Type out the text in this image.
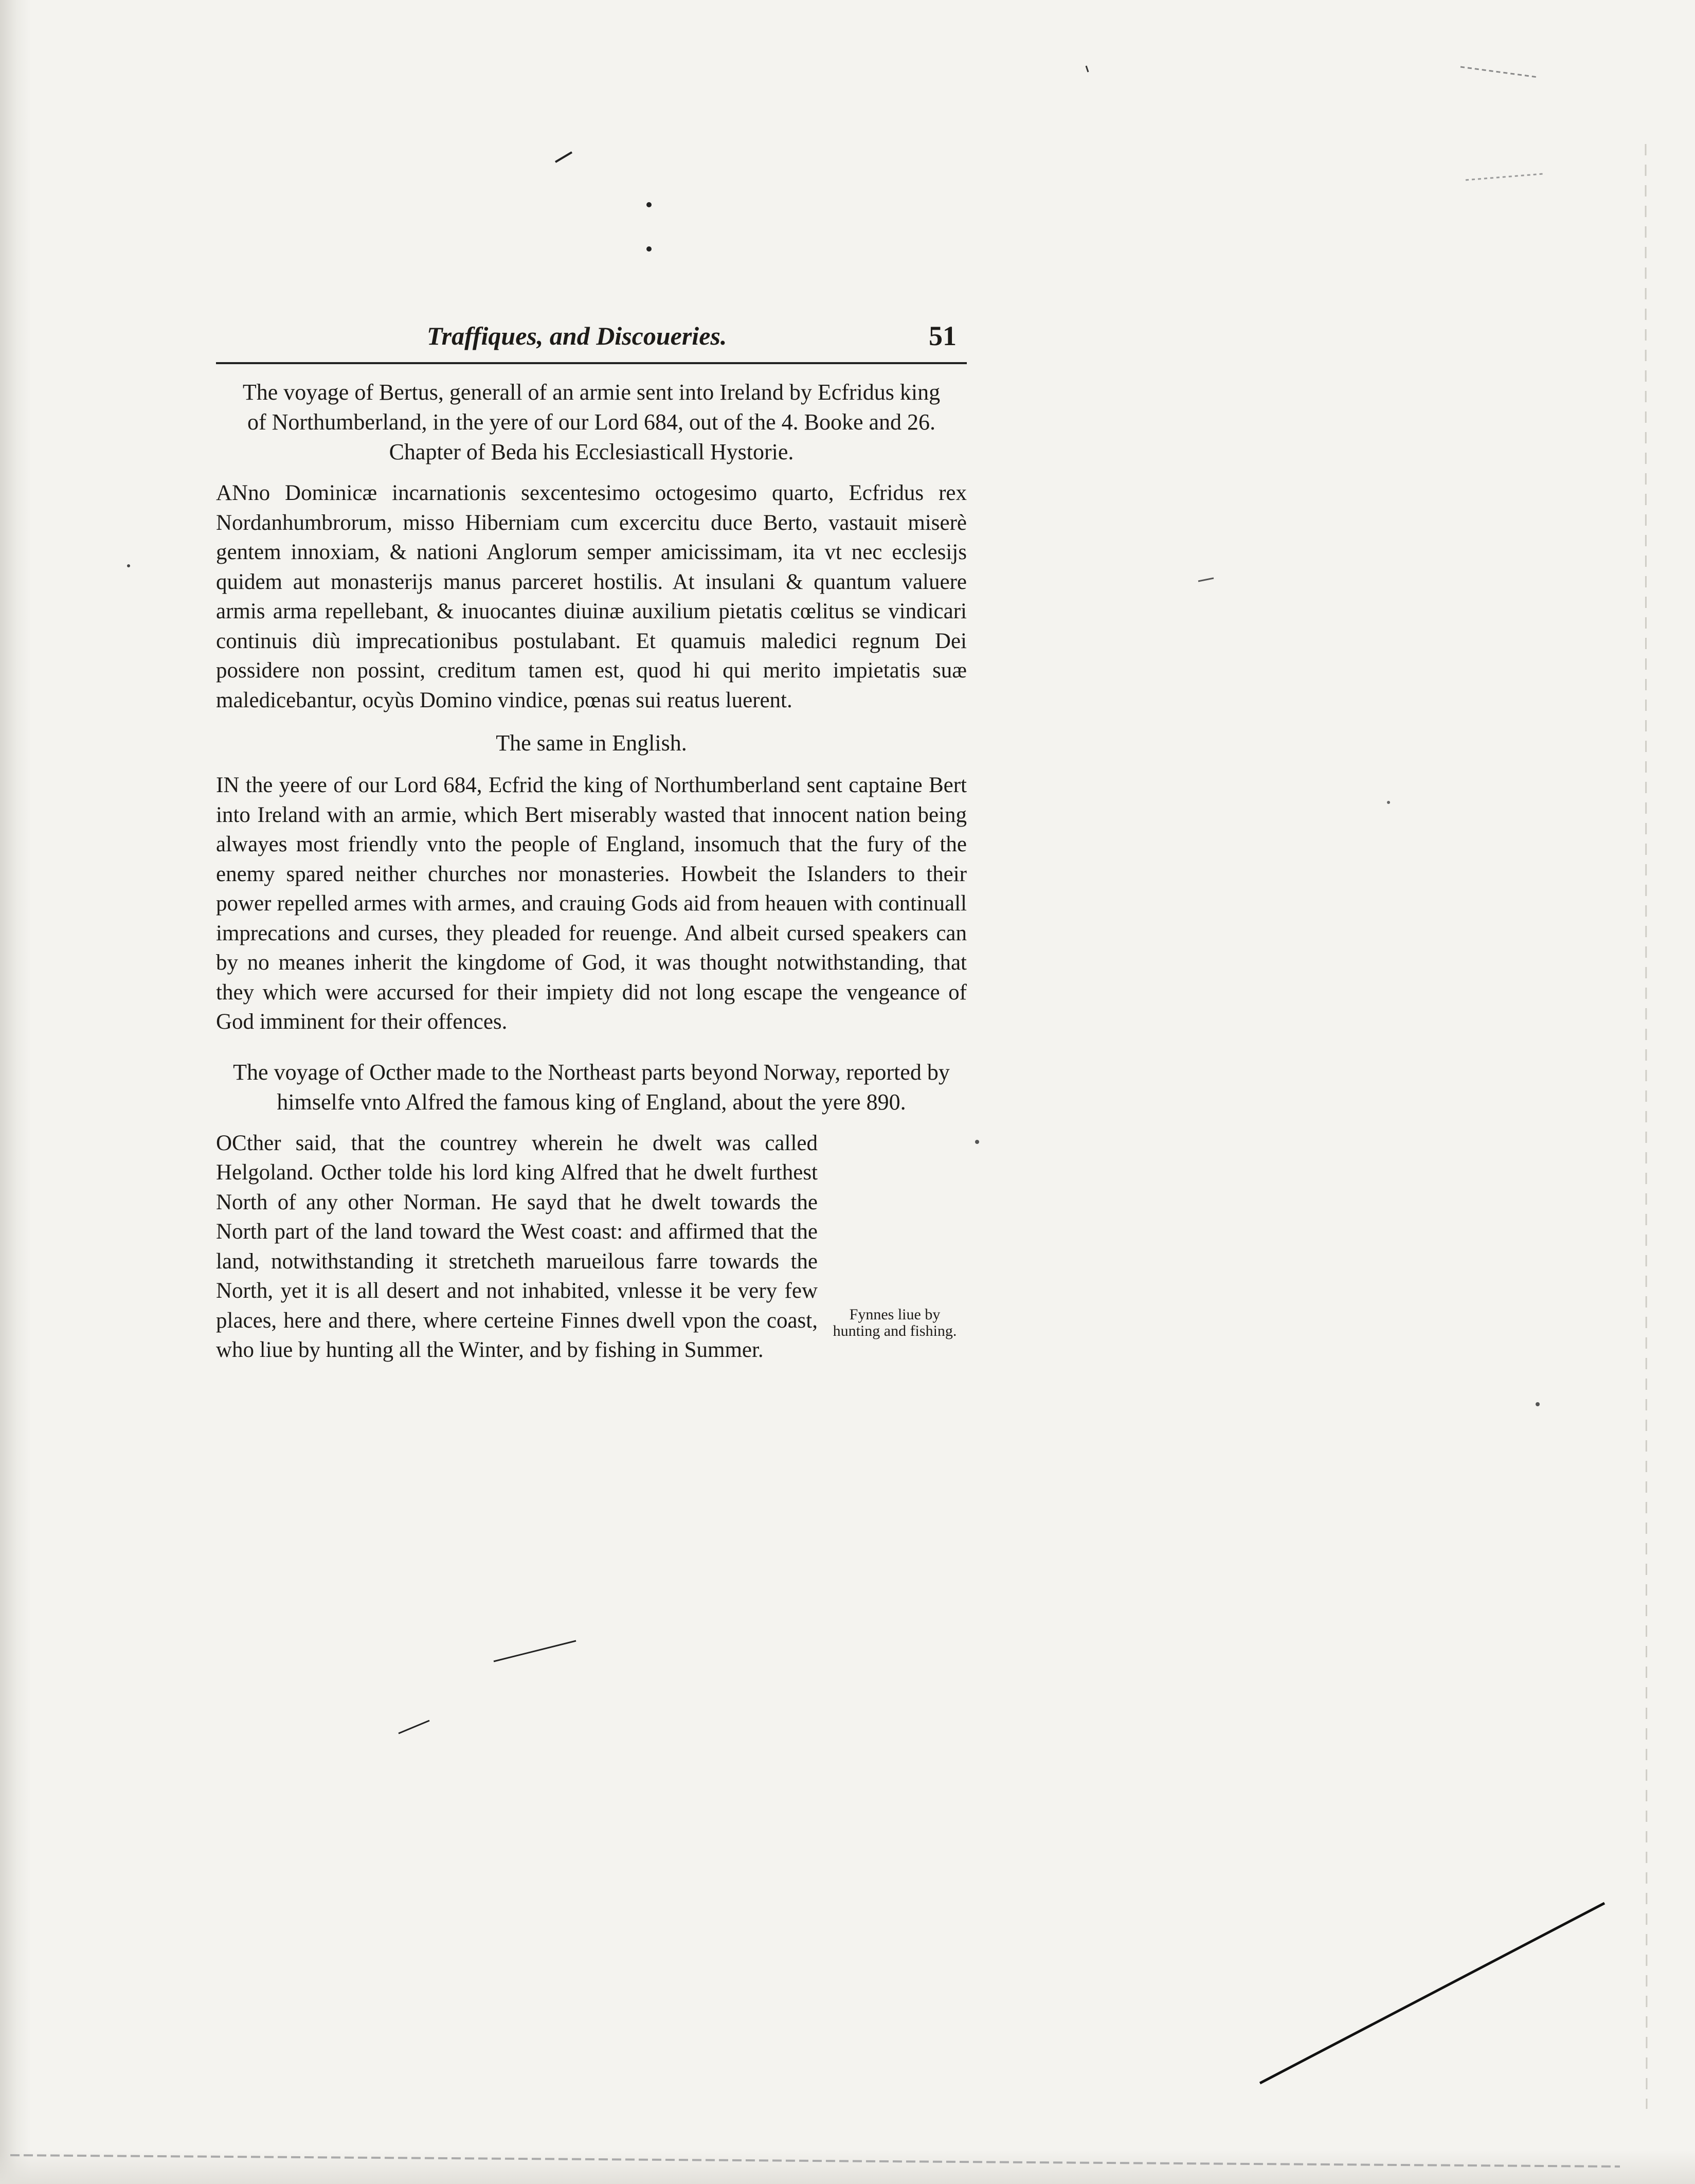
Traffiques, and Discoueries.	51
The voyage of Bertus, generall of an armie sent into Ireland by Ecfridus king of Northumberland, in the yere of our Lord 684, out of the 4. Booke and 26. Chapter of Beda his Ecclesiasticall Hystorie.

ANno Dominicæ incarnationis sexcentesimo octogesimo quarto, Ecfridus rex Nordanhumbrorum, misso Hiberniam cum excercitu duce Berto, vastauit miserè gentem innoxiam, & nationi Anglorum semper amicissimam, ita vt nec ecclesijs quidem aut monasterijs manus parceret hostilis. At insulani & quantum valuere armis arma repellebant, & inuocantes diuinæ auxilium pietatis cœlitus se vindicari continuis diù imprecationibus postulabant. Et quamuis maledici regnum Dei possidere non possint, creditum tamen est, quod hi qui merito impietatis suæ maledicebantur, ocyùs Domino vindice, pœnas sui reatus luerent.

The same in English.

IN the yeere of our Lord 684, Ecfrid the king of Northumberland sent captaine Bert into Ireland with an armie, which Bert miserably wasted that innocent nation being alwayes most friendly vnto the people of England, insomuch that the fury of the enemy spared neither churches nor monasteries. Howbeit the Islanders to their power repelled armes with armes, and crauing Gods aid from heauen with continuall imprecations and curses, they pleaded for reuenge. And albeit cursed speakers can by no meanes inherit the kingdome of God, it was thought notwithstanding, that they which were accursed for their impiety did not long escape the vengeance of God imminent for their offences.

The voyage of Octher made to the Northeast parts beyond Norway, reported by himselfe vnto Alfred the famous king of England, about the yere 890.

OCther said, that the countrey wherein he dwelt was called Helgoland. Octher tolde his lord king Alfred that he dwelt furthest North of any other Norman. He sayd that he dwelt towards the North part of the land toward the West coast: and affirmed that the land, notwithstanding it stretcheth marueilous farre towards the North, yet it is all desert and not inhabited, vnlesse it be very few places, here and there, where certeine Finnes dwell vpon the coast, who liue by hunting all the Winter, and by fishing in Summer.

Fynnes liue by hunting and fishing.
